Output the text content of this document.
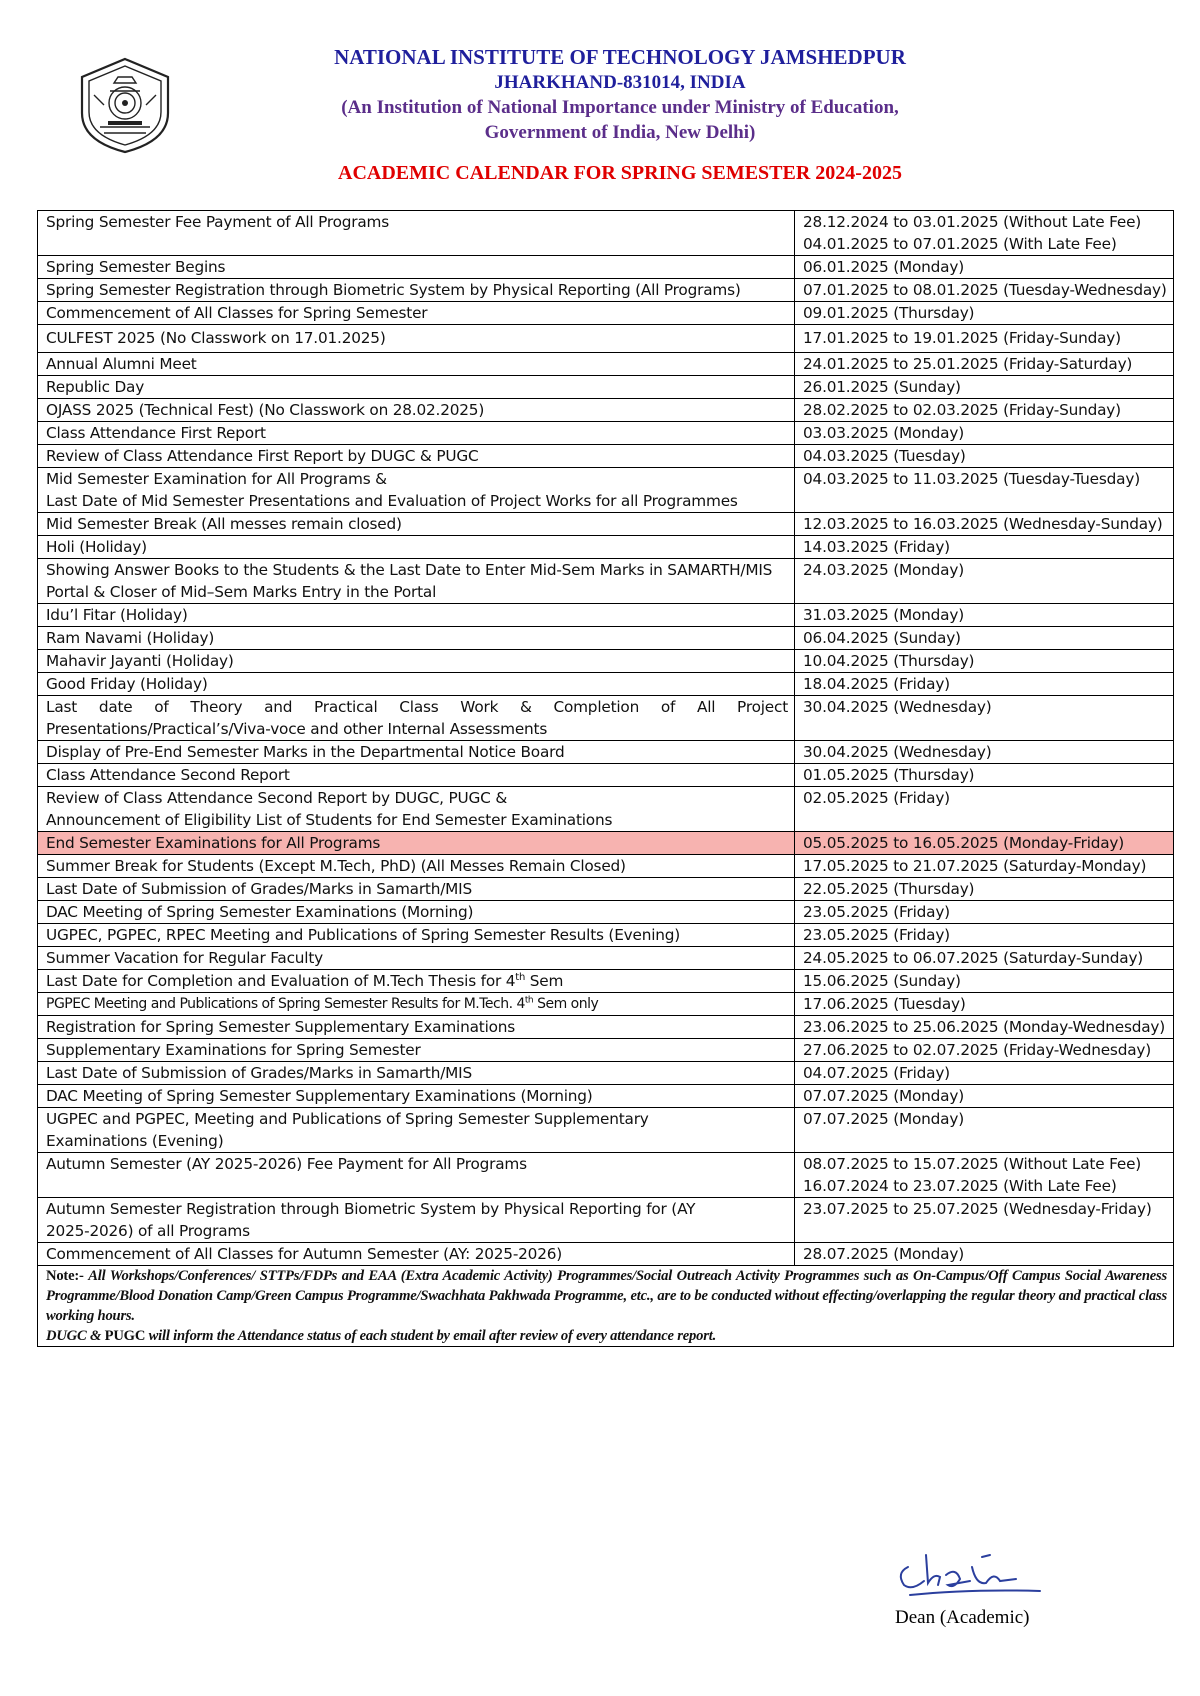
NATIONAL INSTITUTE OF TECHNOLOGY JAMSHEDPUR
JHARKHAND-831014, INDIA
(An Institution of National Importance under Ministry of Education,
Government of India, New Delhi)
ACADEMIC CALENDAR FOR SPRING SEMESTER 2024-2025
Spring Semester Fee Payment of All Programs	28.12.2024 to 03.01.2025 (Without Late Fee)
04.01.2025 to 07.01.2025 (With Late Fee)
Spring Semester Begins	06.01.2025 (Monday)
Spring Semester Registration through Biometric System by Physical Reporting (All Programs)	07.01.2025 to 08.01.2025 (Tuesday-Wednesday)
Commencement of All Classes for Spring Semester	09.01.2025 (Thursday)
CULFEST 2025 (No Classwork on 17.01.2025)	17.01.2025 to 19.01.2025 (Friday-Sunday)
Annual Alumni Meet	24.01.2025 to 25.01.2025 (Friday-Saturday)
Republic Day	26.01.2025 (Sunday)
OJASS 2025 (Technical Fest) (No Classwork on 28.02.2025)	28.02.2025 to 02.03.2025 (Friday-Sunday)
Class Attendance First Report	03.03.2025 (Monday)
Review of Class Attendance First Report by DUGC & PUGC	04.03.2025 (Tuesday)

Mid Semester Examination for All Programs &
Last Date of Mid Semester Presentations and Evaluation of Project Works for all Programmes	04.03.2025 to 11.03.2025 (Tuesday-Tuesday)
Mid Semester Break (All messes remain closed)	12.03.2025 to 16.03.2025 (Wednesday-Sunday)
Holi (Holiday)	14.03.2025 (Friday)
Showing Answer Books to the Students & the Last Date to Enter Mid-Sem Marks in SAMARTH/MIS Portal & Closer of Mid–Sem Marks Entry in the Portal	24.03.2025 (Monday)
Idu’l Fitar (Holiday)	31.03.2025 (Monday)
Ram Navami (Holiday)	06.04.2025 (Sunday)
Mahavir Jayanti (Holiday)	10.04.2025 (Thursday)
Good Friday (Holiday)	18.04.2025 (Friday)
Last date of Theory and Practical Class Work & Completion of All Project Presentations/Practical’s/Viva-voce and other Internal Assessments	30.04.2025 (Wednesday)
Display of Pre-End Semester Marks in the Departmental Notice Board	30.04.2025 (Wednesday)
Class Attendance Second Report	01.05.2025 (Thursday)

Review of Class Attendance Second Report by DUGC, PUGC &
Announcement of Eligibility List of Students for End Semester Examinations	02.05.2025 (Friday)
End Semester Examinations for All Programs	05.05.2025 to 16.05.2025 (Monday-Friday)
Summer Break for Students (Except M.Tech, PhD) (All Messes Remain Closed)	17.05.2025 to 21.07.2025 (Saturday-Monday)
Last Date of Submission of Grades/Marks in Samarth/MIS	22.05.2025 (Thursday)
DAC Meeting of Spring Semester Examinations (Morning)	23.05.2025 (Friday)
UGPEC, PGPEC, RPEC Meeting and Publications of Spring Semester Results (Evening)	23.05.2025 (Friday)
Summer Vacation for Regular Faculty	24.05.2025 to 06.07.2025 (Saturday-Sunday)
Last Date for Completion and Evaluation of M.Tech Thesis for 4th Sem	15.06.2025 (Sunday)
PGPEC Meeting and Publications of Spring Semester Results for M.Tech. 4th Sem only	17.06.2025 (Tuesday)
Registration for Spring Semester Supplementary Examinations	23.06.2025 to 25.06.2025 (Monday-Wednesday)
Supplementary Examinations for Spring Semester	27.06.2025 to 02.07.2025 (Friday-Wednesday)
Last Date of Submission of Grades/Marks in Samarth/MIS	04.07.2025 (Friday)
DAC Meeting of Spring Semester Supplementary Examinations (Morning)	07.07.2025 (Monday)
UGPEC and PGPEC, Meeting and Publications of Spring Semester Supplementary Examinations (Evening)	07.07.2025 (Monday)
Autumn Semester (AY 2025-2026) Fee Payment for All Programs	08.07.2025 to 15.07.2025 (Without Late Fee)
16.07.2024 to 23.07.2025 (With Late Fee)
Autumn Semester Registration through Biometric System by Physical Reporting for (AY 2025-2026) of all Programs	23.07.2025 to 25.07.2025 (Wednesday-Friday)
Commencement of All Classes for Autumn Semester (AY: 2025-2026)	28.07.2025 (Monday)
Note:- All Workshops/Conferences/ STTPs/FDPs and EAA (Extra Academic Activity) Programmes/Social Outreach Activity Programmes such as On-Campus/Off Campus Social Awareness Programme/Blood Donation Camp/Green Campus Programme/Swachhata Pakhwada Programme, etc., are to be conducted without effecting/overlapping the regular theory and practical class working hours.
DUGC & PUGC will inform the Attendance status of each student by email after review of every attendance report.	
Dean (Academic)
